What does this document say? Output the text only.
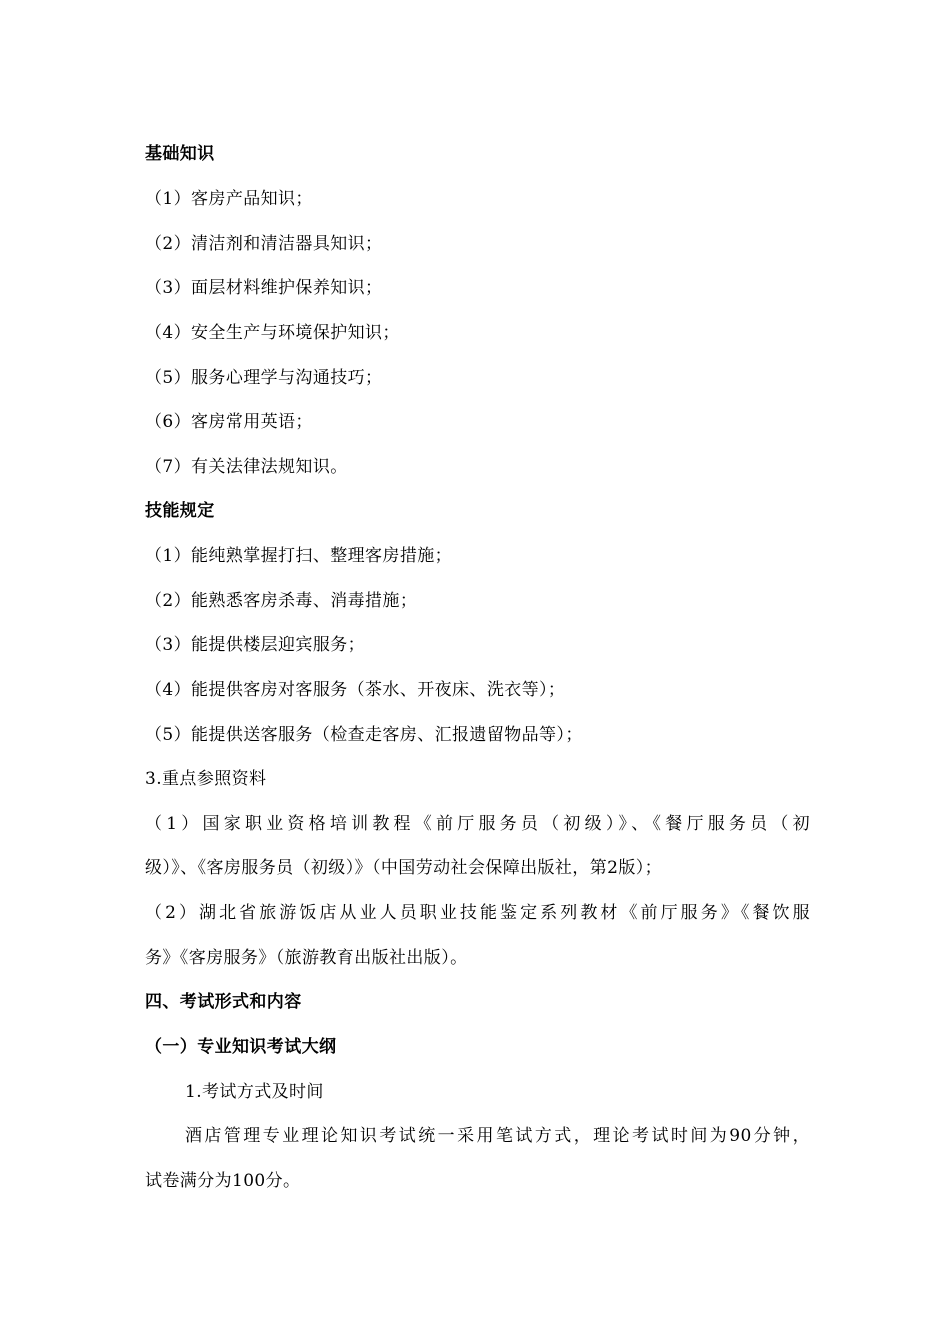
基础知识
（1）客房产品知识；
（2）清洁剂和清洁器具知识；
（3）面层材料维护保养知识；
（4）安全生产与环境保护知识；
（5）服务心理学与沟通技巧；
（6）客房常用英语；
（7）有关法律法规知识。
技能规定
（1）能纯熟掌握打扫、整理客房措施；
（2）能熟悉客房杀毒、消毒措施；
（3）能提供楼层迎宾服务；
（4）能提供客房对客服务（茶水、开夜床、洗衣等）；
（5）能提供送客服务（检查走客房、汇报遗留物品等）；
3.重点参照资料
（1）国家职业资格培训教程《前厅服务员（初级）》、《餐厅服务员（初
级）》、《客房服务员（初级）》（中国劳动社会保障出版社，第2版）；
（2）湖北省旅游饭店从业人员职业技能鉴定系列教材《前厅服务》《餐饮服
务》《客房服务》（旅游教育出版社出版）。
四、考试形式和内容
（一）专业知识考试大纲
1.考试方式及时间
酒店管理专业理论知识考试统一采用笔试方式，理论考试时间为90分钟，
试卷满分为100分。
